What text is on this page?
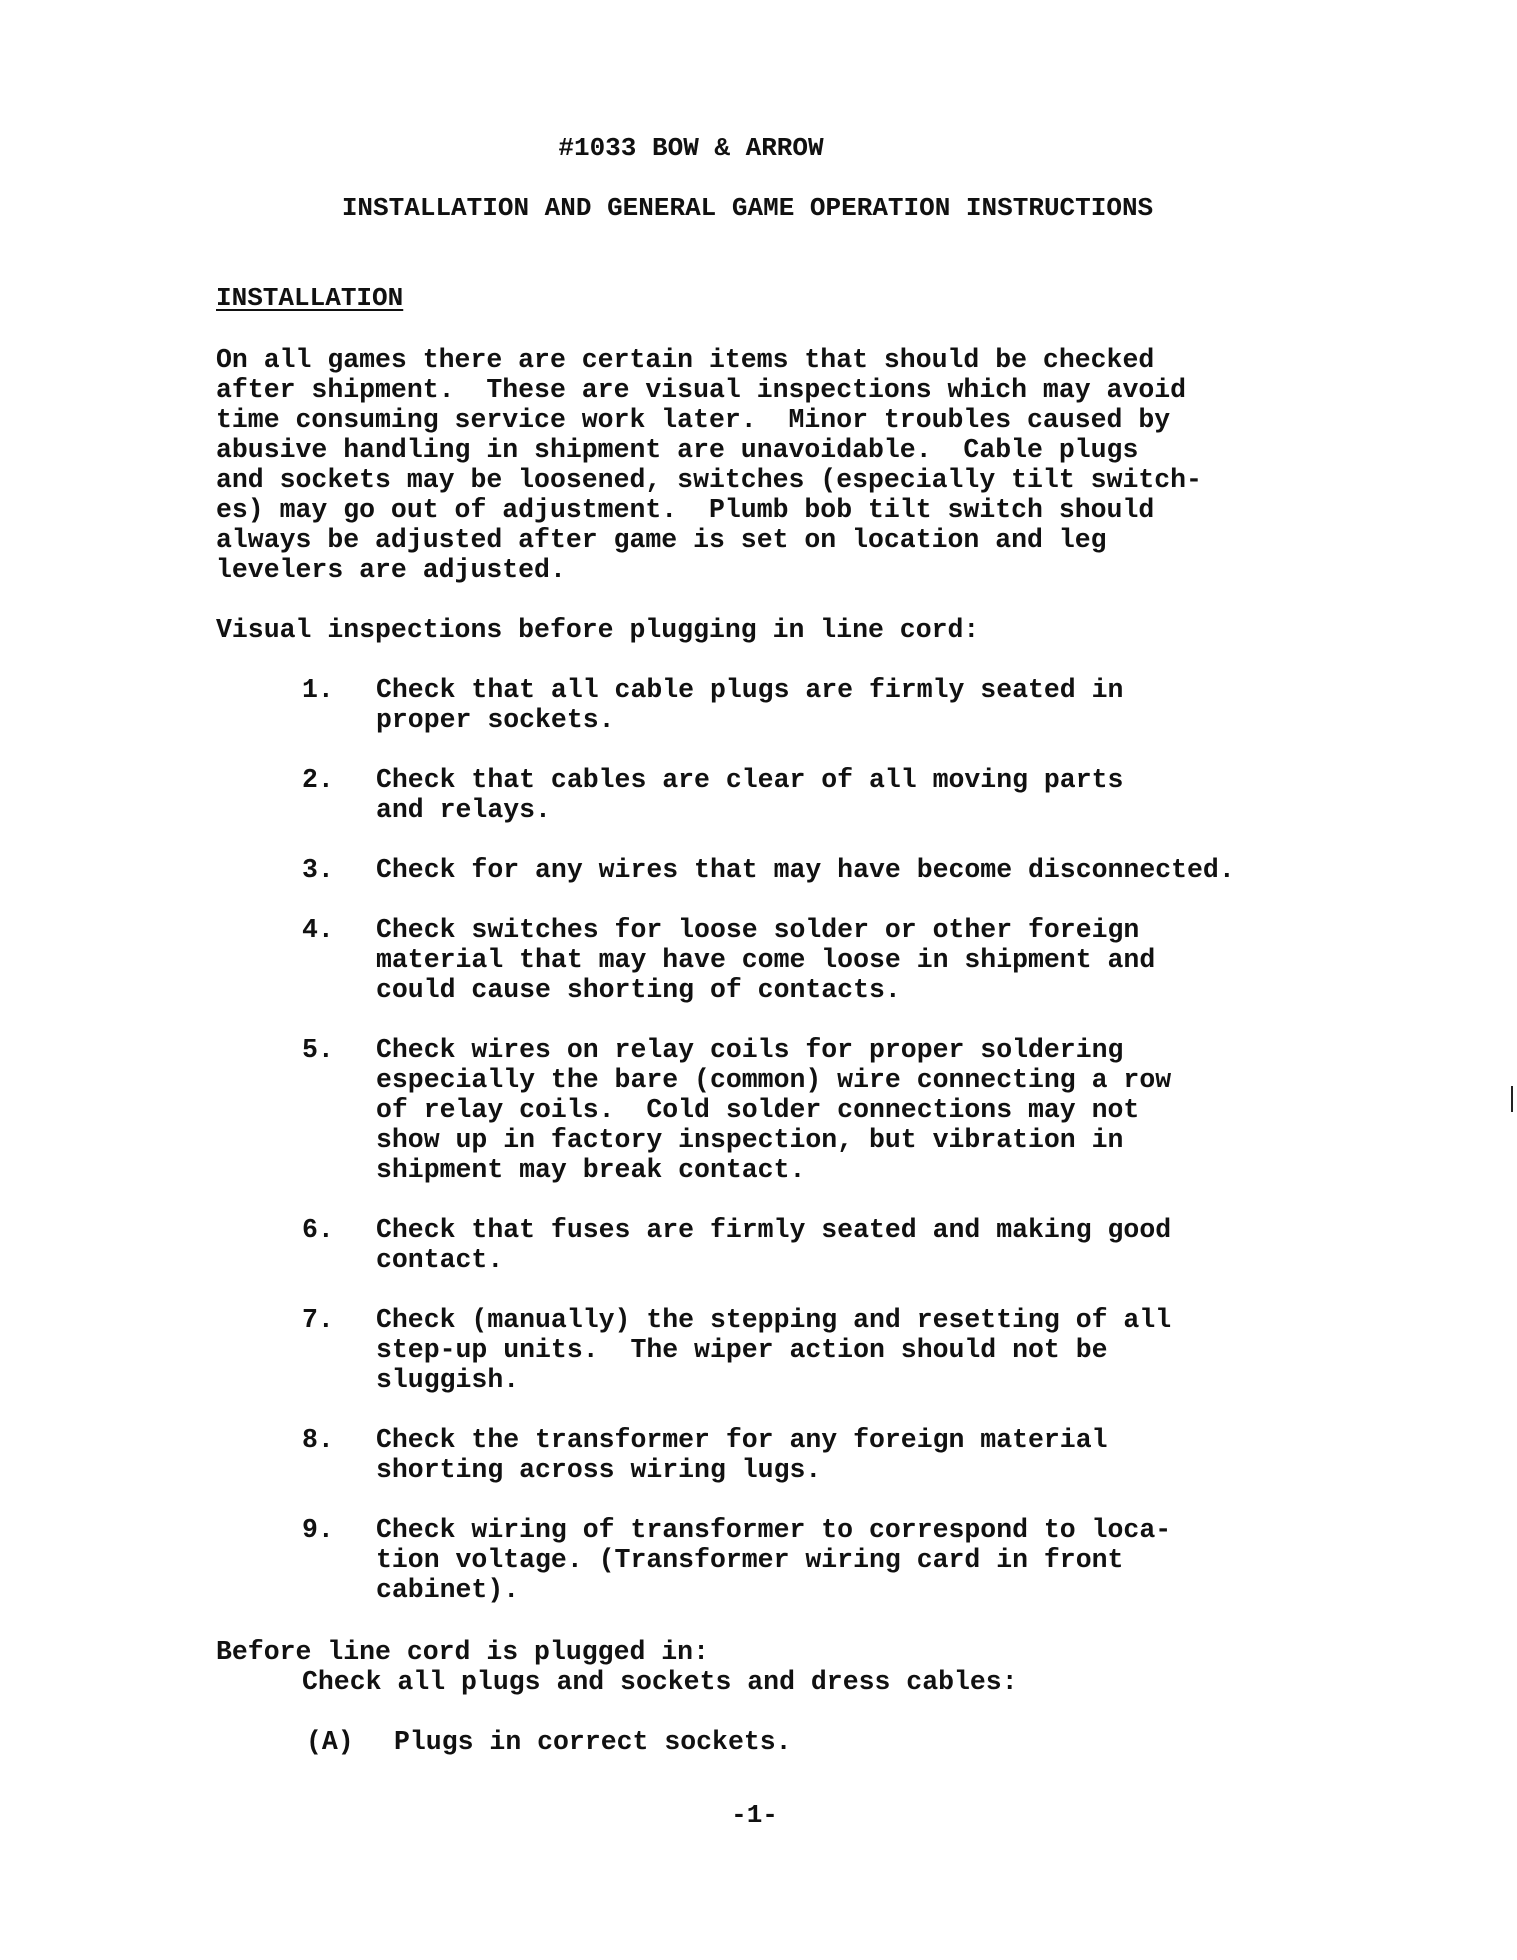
#1033 BOW & ARROW
INSTALLATION AND GENERAL GAME OPERATION INSTRUCTIONS
INSTALLATION
On all games there are certain items that should be checked
after shipment.  These are visual inspections which may avoid
time consuming service work later.  Minor troubles caused by
abusive handling in shipment are unavoidable.  Cable plugs
and sockets may be loosened, switches (especially tilt switch-
es) may go out of adjustment.  Plumb bob tilt switch should
always be adjusted after game is set on location and leg
levelers are adjusted.
Visual inspections before plugging in line cord:

1.

Check that all cable plugs are firmly seated in
proper sockets.

2.

Check that cables are clear of all moving parts
and relays.

3.

Check for any wires that may have become disconnected.

4.

Check switches for loose solder or other foreign
material that may have come loose in shipment and
could cause shorting of contacts.

5.

Check wires on relay coils for proper soldering
especially the bare (common) wire connecting a row
of relay coils.  Cold solder connections may not
show up in factory inspection, but vibration in
shipment may break contact.

6.

Check that fuses are firmly seated and making good
contact.

7.

Check (manually) the stepping and resetting of all
step-up units.  The wiper action should not be
sluggish.

8.

Check the transformer for any foreign material
shorting across wiring lugs.

9.

Check wiring of transformer to correspond to loca-
tion voltage. (Transformer wiring card in front
cabinet).

Before line cord is plugged in:
Check all plugs and sockets and dress cables:

(A)

Plugs in correct sockets.

-1-
